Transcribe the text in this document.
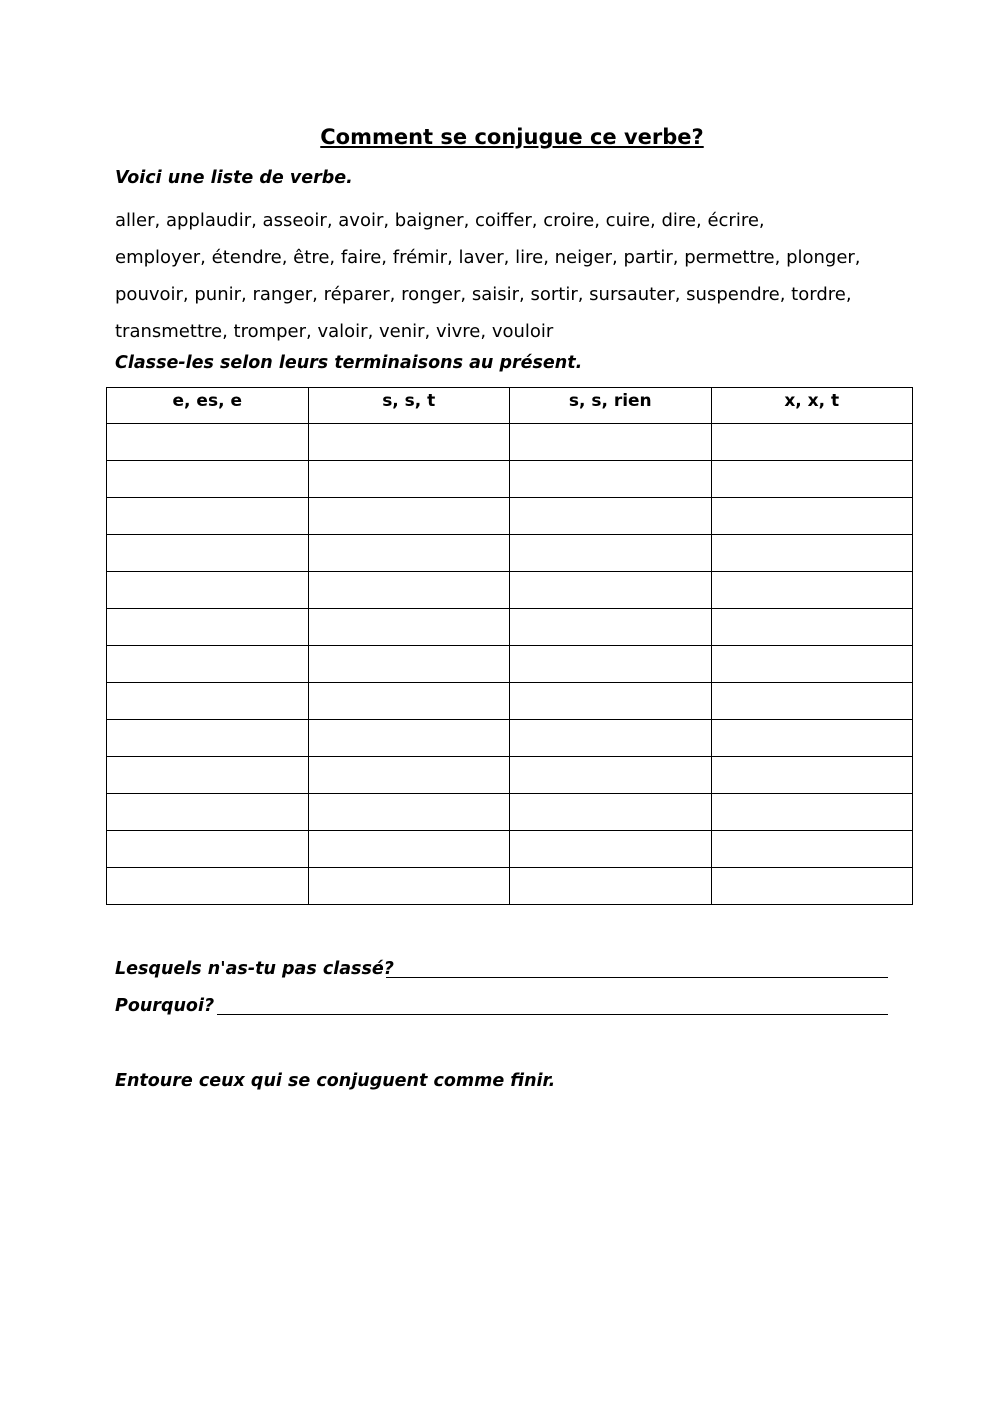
Comment se conjugue ce verbe?

Voici une liste de verbe.

aller, applaudir, asseoir, avoir, baigner, coiffer, croire, cuire, dire, écrire,
employer, étendre, être, faire, frémir, laver, lire, neiger, partir, permettre, plonger,
pouvoir, punir, ranger, réparer, ronger, saisir, sortir, sursauter, suspendre, tordre,
transmettre, tromper, valoir, venir, vivre, vouloir

Classe-les selon leurs terminaisons au présent.

e, es, e	s, s, t	s, s, rien	x, x, t

Lesquels n'as-tu pas classé?

Pourquoi?

Entoure ceux qui se conjuguent comme finir.
